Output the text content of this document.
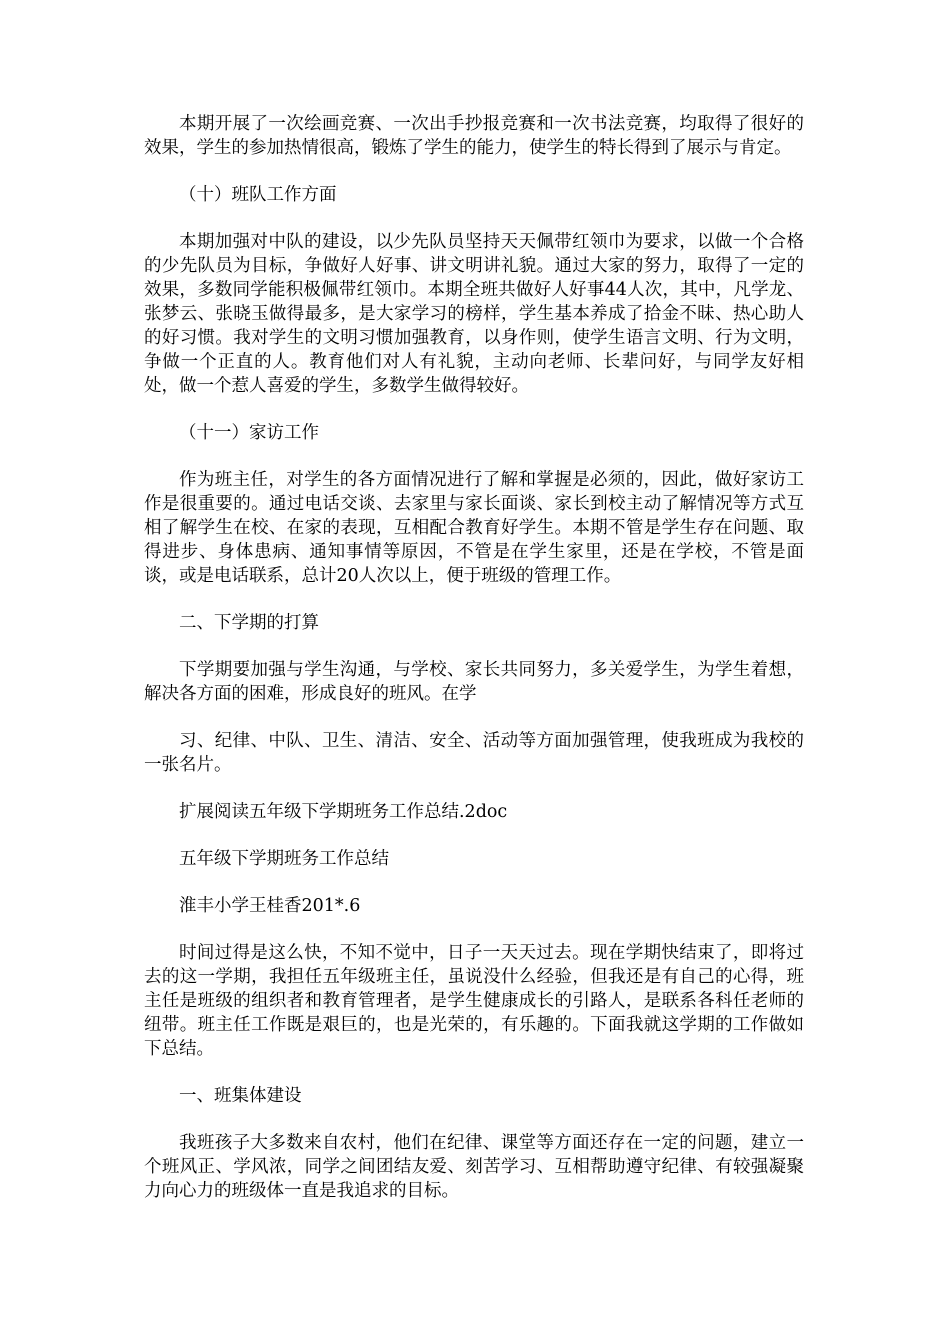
本期开展了一次绘画竞赛、一次出手抄报竞赛和一次书法竞赛，均取得了很好的效果，学生的参加热情很高，锻炼了学生的能力，使学生的特长得到了展示与肯定。

（十）班队工作方面

本期加强对中队的建设，以少先队员坚持天天佩带红领巾为要求，以做一个合格的少先队员为目标，争做好人好事、讲文明讲礼貌。通过大家的努力，取得了一定的效果，多数同学能积极佩带红领巾。本期全班共做好人好事44人次，其中，凡学龙、张梦云、张晓玉做得最多，是大家学习的榜样，学生基本养成了拾金不昧、热心助人的好习惯。我对学生的文明习惯加强教育，以身作则，使学生语言文明、行为文明，争做一个正直的人。教育他们对人有礼貌，主动向老师、长辈问好，与同学友好相处，做一个惹人喜爱的学生，多数学生做得较好。

（十一）家访工作

作为班主任，对学生的各方面情况进行了解和掌握是必须的，因此，做好家访工作是很重要的。通过电话交谈、去家里与家长面谈、家长到校主动了解情况等方式互相了解学生在校、在家的表现，互相配合教育好学生。本期不管是学生存在问题、取得进步、身体患病、通知事情等原因，不管是在学生家里，还是在学校，不管是面谈，或是电话联系，总计20人次以上，便于班级的管理工作。

二、下学期的打算

下学期要加强与学生沟通，与学校、家长共同努力，多关爱学生，为学生着想，解决各方面的困难，形成良好的班风。在学

习、纪律、中队、卫生、清洁、安全、活动等方面加强管理，使我班成为我校的一张名片。

扩展阅读五年级下学期班务工作总结.2doc

五年级下学期班务工作总结

淮丰小学王桂香201*.6

时间过得是这么快，不知不觉中，日子一天天过去。现在学期快结束了，即将过去的这一学期，我担任五年级班主任，虽说没什么经验，但我还是有自己的心得，班主任是班级的组织者和教育管理者，是学生健康成长的引路人，是联系各科任老师的纽带。班主任工作既是艰巨的，也是光荣的，有乐趣的。下面我就这学期的工作做如下总结。

一、班集体建设

我班孩子大多数来自农村，他们在纪律、课堂等方面还存在一定的问题，建立一个班风正、学风浓，同学之间团结友爱、刻苦学习、互相帮助遵守纪律、有较强凝聚力向心力的班级体一直是我追求的目标。
